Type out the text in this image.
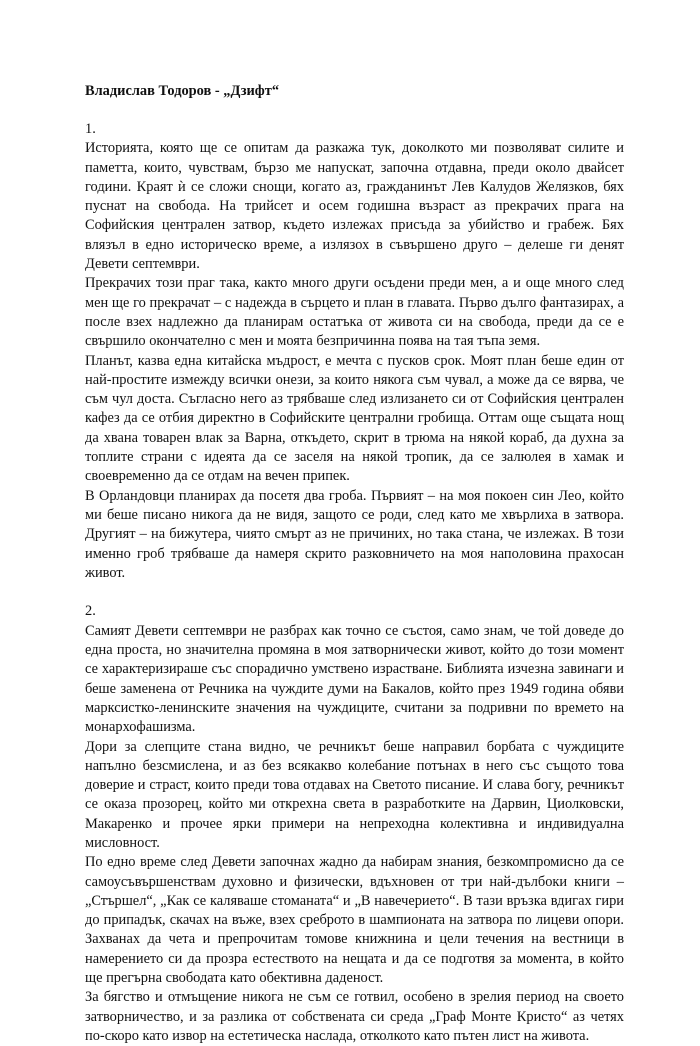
Владислав Тодоров - „Дзифт“

1.

Историята, която ще се опитам да разкажа тук, доколкото ми позволяват силите и паметта, които, чувствам, бързо ме напускат, започна отдавна, преди около двайсет години. Краят ѝ се сложи снощи, когато аз, гражданинът Лев Калудов Желязков, бях пуснат на свобода. На трийсет и осем годишна възраст аз прекрачих прага на Софийския централен затвор, където излежах присъда за убийство и грабеж. Бях влязъл в едно историческо време, а излязох в съвършено друго – делеше ги денят Девети септември.

Прекрачих този праг така, както много други осъдени преди мен, а и още много след мен ще го прекрачат – с надежда в сърцето и план в главата. Първо дълго фантазирах, а после взех надлежно да планирам остатъка от живота си на свобода, преди да се е свършило окончателно с мен и моята безпричинна поява на тая тъпа земя.

Планът, казва една китайска мъдрост, е мечта с пусков срок. Моят план беше един от най-простите измежду всички онези, за които някога съм чувал, а може да се вярва, че съм чул доста. Съгласно него аз трябваше след излизането си от Софийския централен кафез да се отбия директно в Софийските централни гробища. Оттам още същата нощ да хвана товарен влак за Варна, откъдето, скрит в трюма на някой кораб, да духна за топлите страни с идеята да се заселя на някой тропик, да се залюлея в хамак и своевременно да се отдам на вечен припек.

В Орландовци планирах да посетя два гроба. Първият – на моя покоен син Лео, който ми беше писано никога да не видя, защото се роди, след като ме хвърлиха в затвора. Другият – на бижутера, чиято смърт аз не причиних, но така стана, че излежах. В този именно гроб трябваше да намеря скрито разковничето на моя наполовина прахосан живот.

2.

Самият Девети септември не разбрах как точно се състоя, само знам, че той доведе до една проста, но значителна промяна в моя затворнически живот, който до този момент се характеризираше със спорадично умствено израстване. Библията изчезна завинаги и беше заменена от Речника на чуждите думи на Бакалов, който през 1949 година обяви марксистко-ленинските значения на чуждиците, считани за подривни по времето на монархофашизма.

Дори за слепците стана видно, че речникът беше направил борбата с чуждиците напълно безсмислена, и аз без всякакво колебание потънах в него със същото това доверие и страст, които преди това отдавах на Светото писание. И слава богу, речникът се оказа прозорец, който ми открехна света в разработките на Дарвин, Циолковски, Макаренко и прочее ярки примери на непреходна колективна и индивидуална мисловност.

По едно време след Девети започнах жадно да набирам знания, безкомпромисно да се самоусъвършенствам духовно и физически, вдъхновен от три най-дълбоки книги – „Стършел“, „Как се каляваше стоманата“ и „В навечерието“. В тази връзка вдигах гири до припадък, скачах на въже, взех среброто в шампионата на затвора по лицеви опори. Захванах да чета и препрочитам томове книжнина и цели течения на вестници в намерението си да прозра естеството на нещата и да се подготвя за момента, в който ще прегърна свободата като обективна даденост.

За бягство и отмъщение никога не съм се готвил, особено в зрелия период на своето затворничество, и за разлика от собствената си среда „Граф Монте Кристо“ аз четях по-скоро като извор на естетическа наслада, отколкото като пътен лист на живота.
